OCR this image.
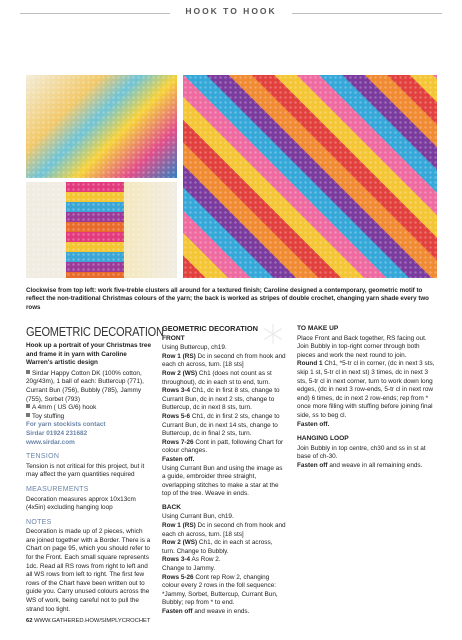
HOOK TO HOOK
Clockwise from top left: work five-treble clusters all around for a textured finish; Caroline designed a contemporary, geometric motif to reflect the non-traditional Christmas colours of the yarn; the back is worked as stripes of double crochet, changing yarn shade every two rows
GEOMETRIC DECORATION

Hook up a portrait of your Christmas tree and frame it in yarn with Caroline Warren's artistic design

Sirdar Happy Cotton DK (100% cotton, 20g/43m), 1 ball of each: Buttercup (771), Currant Bun (756), Bubbly (785), Jammy (755), Sorbet (793)

A 4mm ( US G/6) hook

Toy stuffing

For yarn stockists contact

Sirdar 01924 231682

www.sirdar.com

TENSION

Tension is not critical for this project, but it may affect the yarn quantities required

MEASUREMENTS

Decoration measures approx 10x13cm (4x5in) excluding hanging loop

NOTES

Decoration is made up of 2 pieces, which are joined together with a Border. There is a Chart on page 95, which you should refer to for the Front. Each small square represents 1dc. Read all RS rows from right to left and all WS rows from left to right. The first few rows of the Chart have been written out to guide you. Carry unused colours across the WS of work, being careful not to pull the strand too tight.

GEOMETRIC DECORATION

FRONT

Using Buttercup, ch19.

Row 1 (RS) Dc in second ch from hook and each ch across, turn. [18 sts]

Row 2 (WS) Ch1 (does not count as st throughout), dc in each st to end, turn.

Rows 3-4 Ch1, dc in first 8 sts, change to Currant Bun, dc in next 2 sts, change to Buttercup, dc in next 8 sts, turn.

Rows 5-6 Ch1, dc in first 2 sts, change to Currant Bun, dc in next 14 sts, change to Buttercup, dc in final 2 sts, turn.

Rows 7-26 Cont in patt, following Chart for colour changes.

Fasten off.

Using Currant Bun and using the image as a guide, embroider three straight, overlapping stitches to make a star at the top of the tree. Weave in ends.

BACK

Using Currant Bun, ch19.

Row 1 (RS) Dc in second ch from hook and each ch across, turn. [18 sts]

Row 2 (WS) Ch1, dc in each st across, turn. Change to Bubbly.

Rows 3-4 As Row 2.

Change to Jammy.

Rows 5-26 Cont rep Row 2, changing colour every 2 rows in the foll sequence: *Jammy, Sorbet, Buttercup, Currant Bun, Bubbly; rep from * to end.

Fasten off and weave in ends.

TO MAKE UP

Place Front and Back together, RS facing out. Join Bubbly in top-right corner through both pieces and work the next round to join.

Round 1 Ch1, *5-tr cl in corner, (dc in next 3 sts, skip 1 st, 5-tr cl in next st) 3 times, dc in next 3 sts, 5-tr cl in next corner, turn to work down long edges, (dc in next 3 row-ends, 5-tr cl in next row end) 6 times, dc in next 2 row-ends; rep from * once more filling with stuffing before joining final side, ss to beg cl.

Fasten off.

HANGING LOOP

Join Bubbly in top centre, ch30 and ss in st at base of ch-30.

Fasten off and weave in all remaining ends.

62 WWW.GATHERED.HOW/SIMPLYCROCHET
